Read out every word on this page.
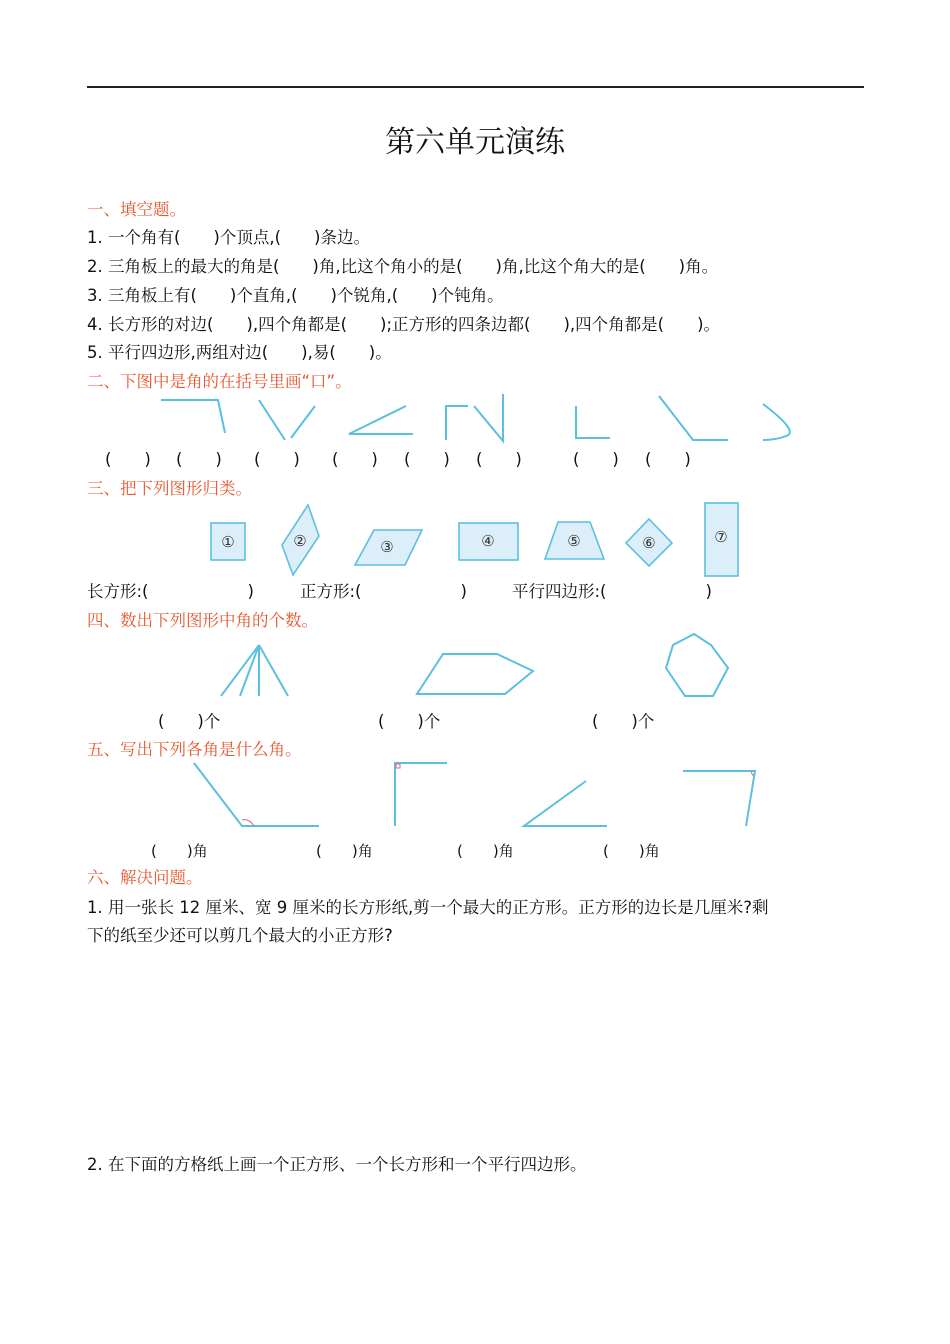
第六单元演练
一、填空题。
1. 一个角有(　　)个顶点,(　　)条边。
2. 三角板上的最大的角是(　　)角,比这个角小的是(　　)角,比这个角大的是(　　)角。
3. 三角板上有(　　)个直角,(　　)个锐角,(　　)个钝角。
4. 长方形的对边(　　),四个角都是(　　);正方形的四条边都(　　),四个角都是(　　)。
5. 平行四边形,两组对边(　　),易(　　)。
二、下图中是角的在括号里画“口”。
(　　) (　　) (　　) (　　) (　　) (　　)	(　　) (　　)
三、把下列图形归类。
长方形:(　　　　　　)	正方形:(　　　　　　)	平行四边形:(　　　　　　)
四、数出下列图形中角的个数。
(　　)个	(　　)个	(　　)个
五、写出下列各角是什么角。
(　　)角	(　　)角	(　　)角	(　　)角
六、解决问题。
1. 用一张长 12 厘米、宽 9 厘米的长方形纸,剪一个最大的正方形。正方形的边长是几厘米?剩
下的纸至少还可以剪几个最大的小正方形?
2. 在下面的方格纸上画一个正方形、一个长方形和一个平行四边形。
①	②	③	④	⑤	⑥	⑦
